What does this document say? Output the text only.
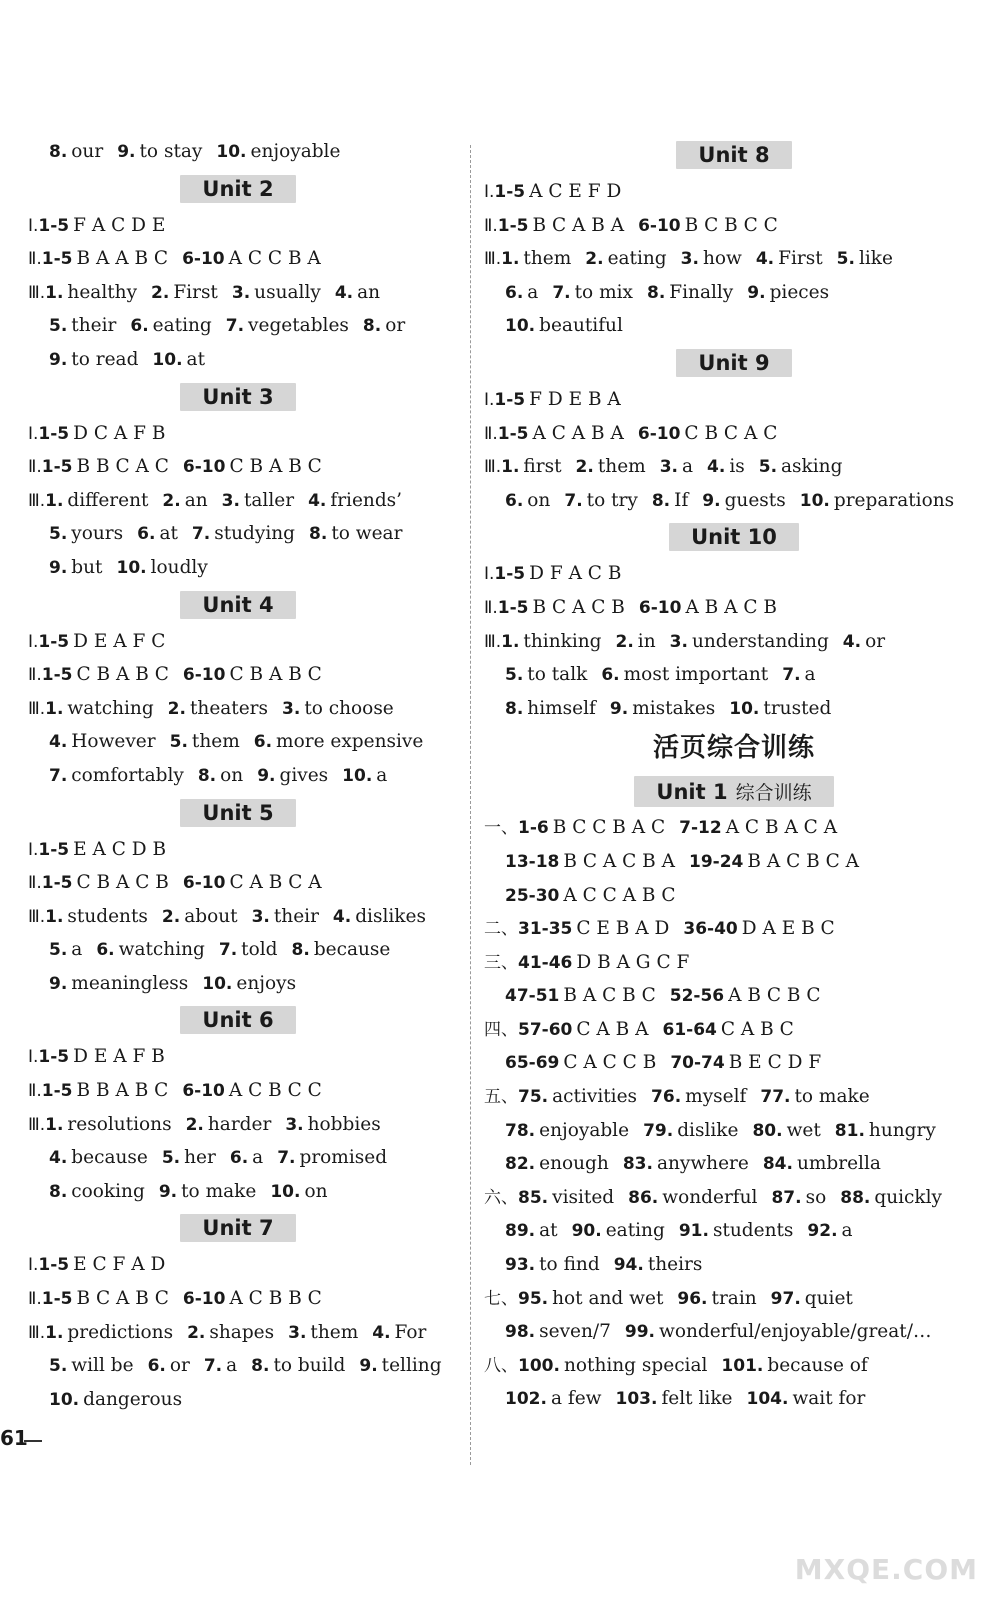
8. our 9. to stay 10. enjoyable
Unit 2
Ⅰ.1-5 F A C D E
Ⅱ.1-5 B A A B C 6-10 A C C B A
Ⅲ.1. healthy 2. First 3. usually 4. an
5. their 6. eating 7. vegetables 8. or
9. to read 10. at
Unit 3
Ⅰ.1-5 D C A F B
Ⅱ.1-5 B B C A C 6-10 C B A B C
Ⅲ.1. different 2. an 3. taller 4. friends’
5. yours 6. at 7. studying 8. to wear
9. but 10. loudly
Unit 4
Ⅰ.1-5 D E A F C
Ⅱ.1-5 C B A B C 6-10 C B A B C
Ⅲ.1. watching 2. theaters 3. to choose
4. However 5. them 6. more expensive
7. comfortably 8. on 9. gives 10. a
Unit 5
Ⅰ.1-5 E A C D B
Ⅱ.1-5 C B A C B 6-10 C A B C A
Ⅲ.1. students 2. about 3. their 4. dislikes
5. a 6. watching 7. told 8. because
9. meaningless 10. enjoys
Unit 6
Ⅰ.1-5 D E A F B
Ⅱ.1-5 B B A B C 6-10 A C B C C
Ⅲ.1. resolutions 2. harder 3. hobbies
4. because 5. her 6. a 7. promised
8. cooking 9. to make 10. on
Unit 7
Ⅰ.1-5 E C F A D
Ⅱ.1-5 B C A B C 6-10 A C B B C
Ⅲ.1. predictions 2. shapes 3. them 4. For
5. will be 6. or 7. a 8. to build 9. telling
10. dangerous
Unit 8
Ⅰ.1-5 A C E F D
Ⅱ.1-5 B C A B A 6-10 B C B C C
Ⅲ.1. them 2. eating 3. how 4. First 5. like
6. a 7. to mix 8. Finally 9. pieces
10. beautiful
Unit 9
Ⅰ.1-5 F D E B A
Ⅱ.1-5 A C A B A 6-10 C B C A C
Ⅲ.1. first 2. them 3. a 4. is 5. asking
6. on 7. to try 8. If 9. guests 10. preparations
Unit 10
Ⅰ.1-5 D F A C B
Ⅱ.1-5 B C A C B 6-10 A B A C B
Ⅲ.1. thinking 2. in 3. understanding 4. or
5. to talk 6. most important 7. a
8. himself 9. mistakes 10. trusted
活页综合训练
Unit 1 综合训练
一、1-6 B C C B A C 7-12 A C B A C A
13-18 B C A C B A 19-24 B A C B C A
25-30 A C C A B C
二、31-35 C E B A D 36-40 D A E B C
三、41-46 D B A G C F
47-51 B A C B C 52-56 A B C B C
四、57-60 C A B A 61-64 C A B C
65-69 C A C C B 70-74 B E C D F
五、75. activities 76. myself 77. to make
78. enjoyable 79. dislike 80. wet 81. hungry
82. enough 83. anywhere 84. umbrella
六、85. visited 86. wonderful 87. so 88. quickly
89. at 90. eating 91. students 92. a
93. to find 94. theirs
七、95. hot and wet 96. train 97. quiet
98. seven/7 99. wonderful/enjoyable/great/…
八、100. nothing special 101. because of
102. a few 103. felt like 104. wait for
61
MXQE.COM
